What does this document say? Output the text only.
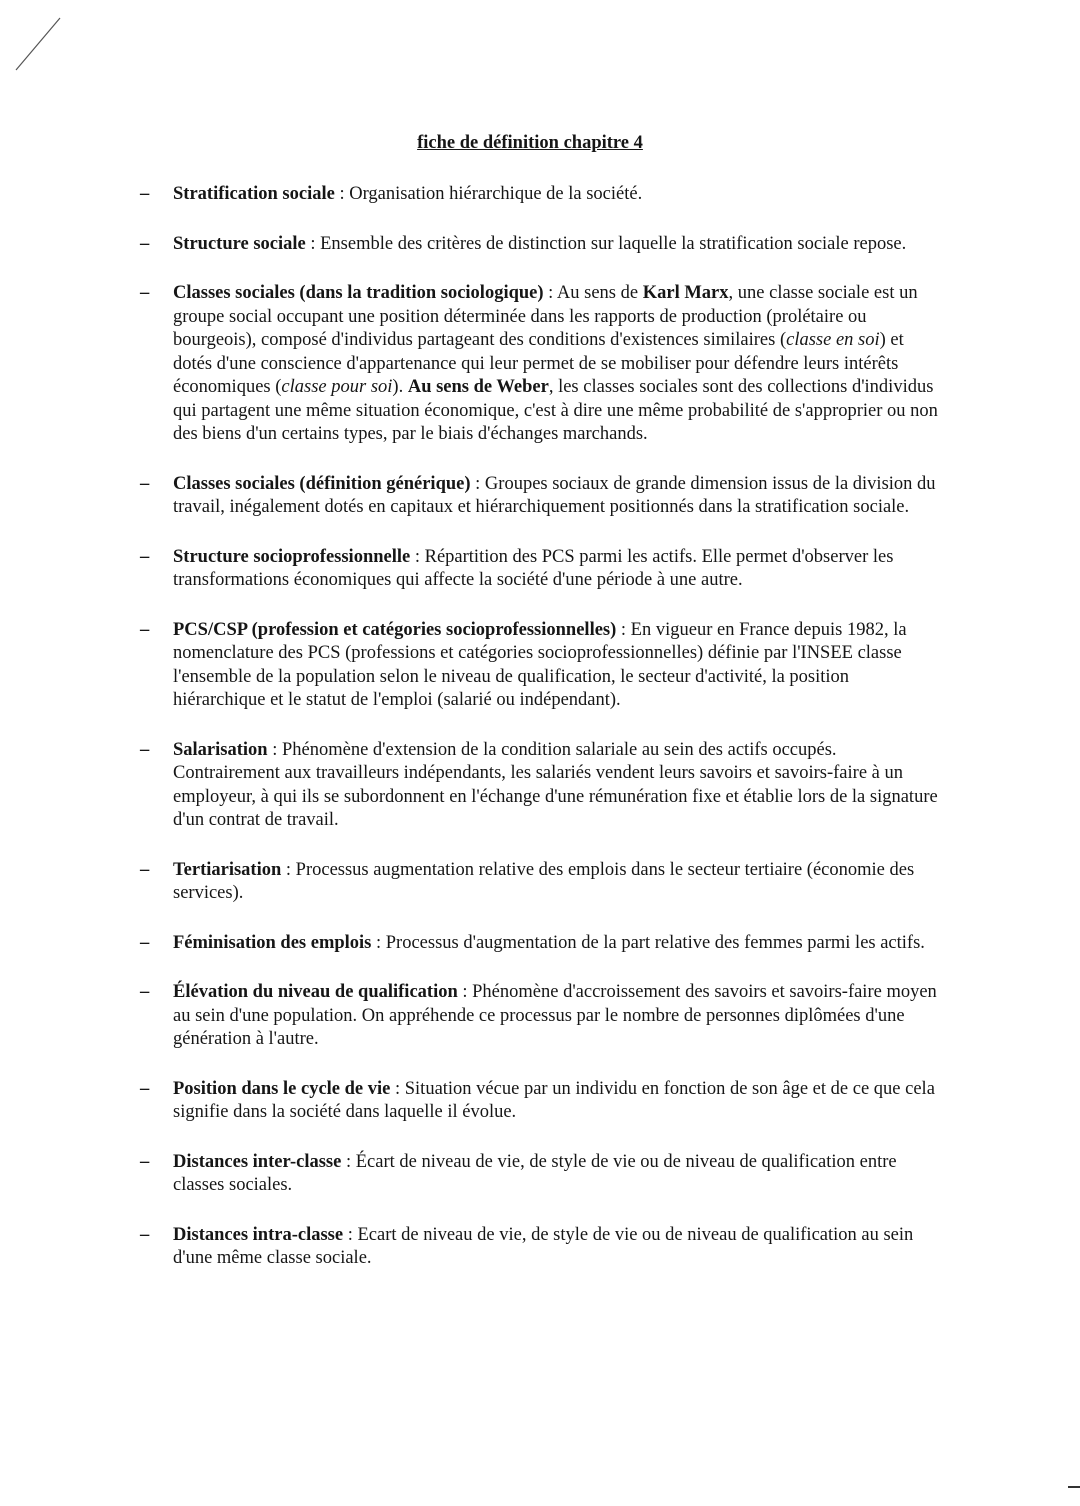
fiche de définition chapitre 4
– Stratification sociale : Organisation hiérarchique de la société.
– Structure sociale : Ensemble des critères de distinction sur laquelle la stratification sociale repose.
– Classes sociales (dans la tradition sociologique) : Au sens de Karl Marx, une classe sociale est un groupe social occupant une position déterminée dans les rapports de production (prolétaire ou bourgeois), composé d'individus partageant des conditions d'existences similaires (classe en soi) et dotés d'une conscience d'appartenance qui leur permet de se mobiliser pour défendre leurs intérêts économiques (classe pour soi). Au sens de Weber, les classes sociales sont des collections d'individus qui partagent une même situation économique, c'est à dire une même probabilité de s'approprier ou non des biens d'un certains types, par le biais d'échanges marchands.
– Classes sociales (définition générique) : Groupes sociaux de grande dimension issus de la division du travail, inégalement dotés en capitaux et hiérarchiquement positionnés dans la stratification sociale.
– Structure socioprofessionnelle : Répartition des PCS parmi les actifs. Elle permet d'observer les transformations économiques qui affecte la société d'une période à une autre.
– PCS/CSP (profession et catégories socioprofessionnelles) : En vigueur en France depuis 1982, la nomenclature des PCS (professions et catégories socioprofessionnelles) définie par l'INSEE classe l'ensemble de la population selon le niveau de qualification, le secteur d'activité, la position hiérarchique et le statut de l'emploi (salarié ou indépendant).
– Salarisation : Phénomène d'extension de la condition salariale au sein des actifs occupés. Contrairement aux travailleurs indépendants, les salariés vendent leurs savoirs et savoirs-faire à un employeur, à qui ils se subordonnent en l'échange d'une rémunération fixe et établie lors de la signature d'un contrat de travail.
– Tertiarisation : Processus augmentation relative des emplois dans le secteur tertiaire (économie des services).
– Féminisation des emplois : Processus d'augmentation de la part relative des femmes parmi les actifs.
– Élévation du niveau de qualification : Phénomène d'accroissement des savoirs et savoirs-faire moyen au sein d'une population. On appréhende ce processus par le nombre de personnes diplômées d'une génération à l'autre.
– Position dans le cycle de vie : Situation vécue par un individu en fonction de son âge et de ce que cela signifie dans la société dans laquelle il évolue.
– Distances inter-classe : Écart de niveau de vie, de style de vie ou de niveau de qualification entre classes sociales.
– Distances intra-classe : Ecart de niveau de vie, de style de vie ou de niveau de qualification au sein d'une même classe sociale.
